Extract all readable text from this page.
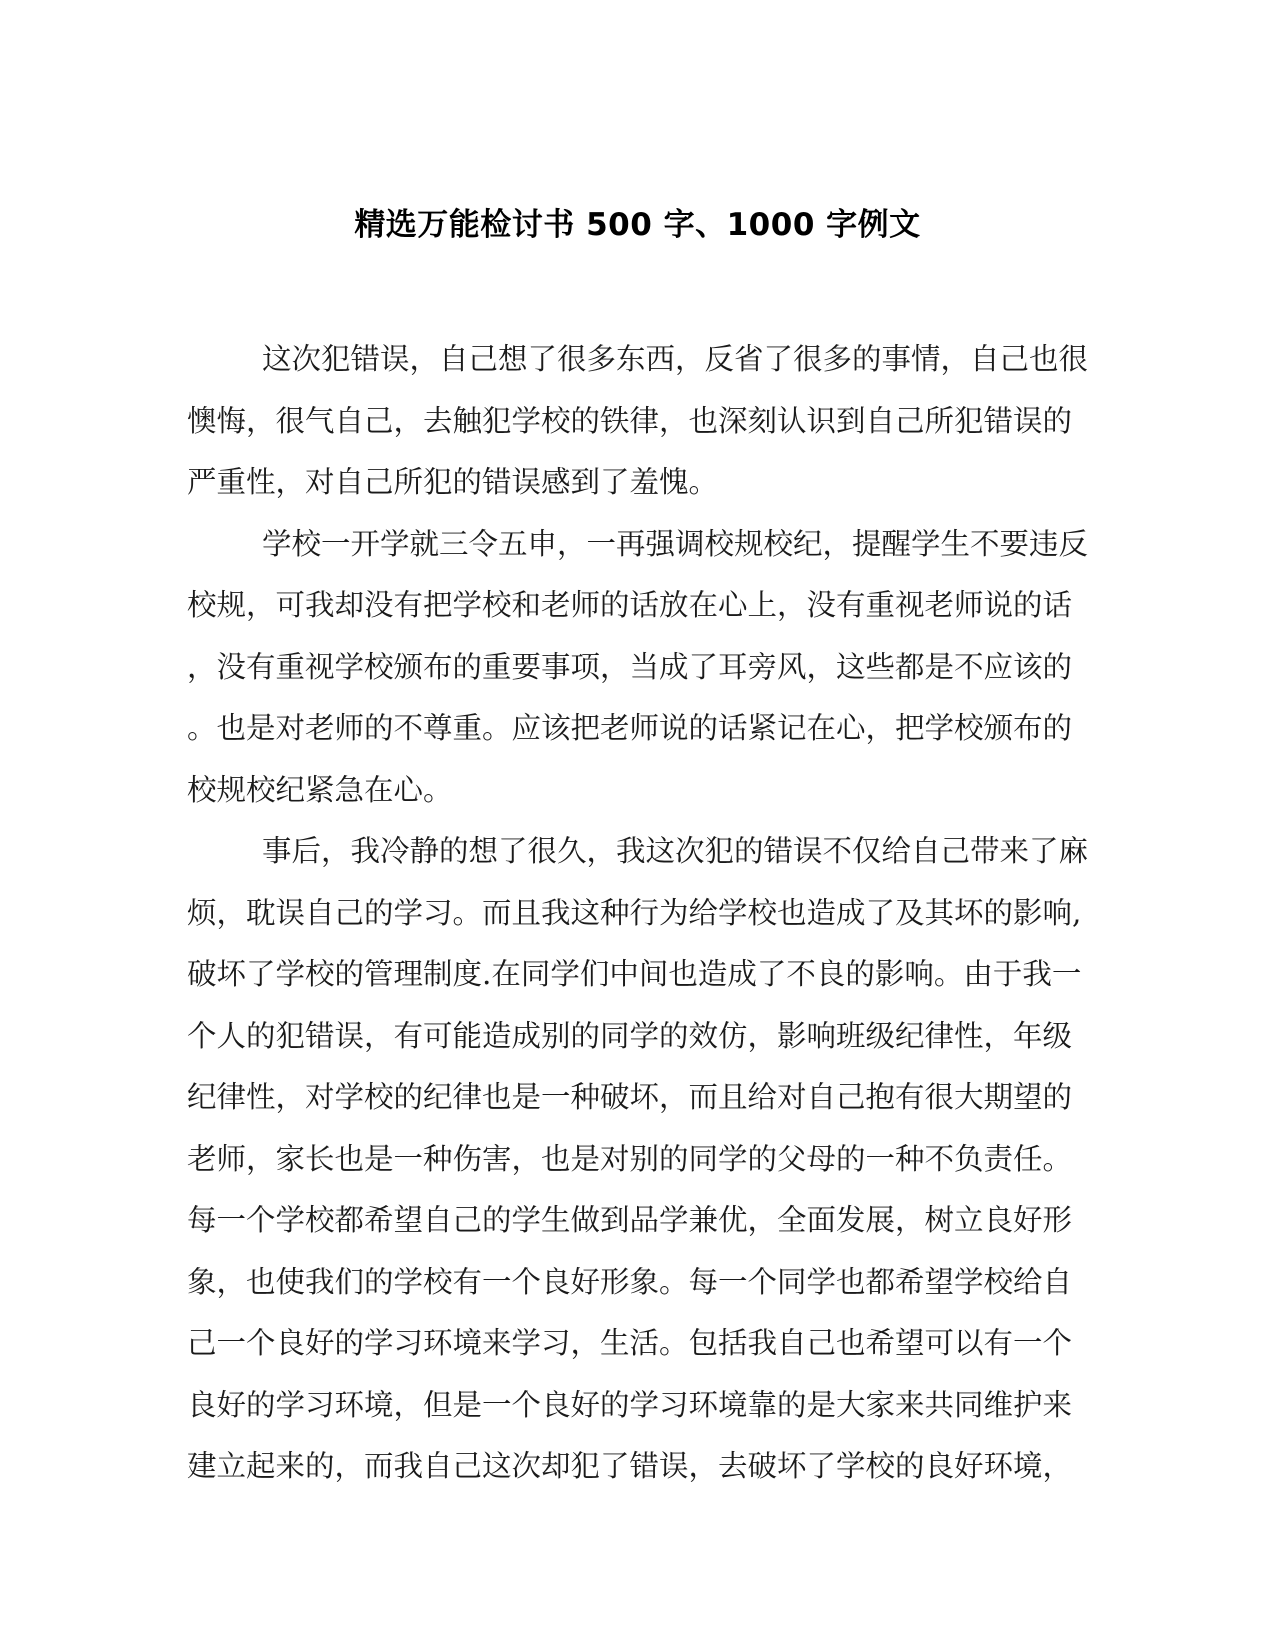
精选万能检讨书 500 字、1000 字例文
这次犯错误，自己想了很多东西，反省了很多的事情，自己也很
懊悔，很气自己，去触犯学校的铁律，也深刻认识到自己所犯错误的
严重性，对自己所犯的错误感到了羞愧。
学校一开学就三令五申，一再强调校规校纪，提醒学生不要违反
校规，可我却没有把学校和老师的话放在心上，没有重视老师说的话
，没有重视学校颁布的重要事项，当成了耳旁风，这些都是不应该的
。也是对老师的不尊重。应该把老师说的话紧记在心，把学校颁布的
校规校纪紧急在心。
事后，我冷静的想了很久，我这次犯的错误不仅给自己带来了麻
烦，耽误自己的学习。而且我这种行为给学校也造成了及其坏的影响,
破坏了学校的管理制度.在同学们中间也造成了不良的影响。由于我一
个人的犯错误，有可能造成别的同学的效仿，影响班级纪律性，年级
纪律性，对学校的纪律也是一种破坏，而且给对自己抱有很大期望的
老师，家长也是一种伤害，也是对别的同学的父母的一种不负责任。
每一个学校都希望自己的学生做到品学兼优，全面发展，树立良好形
象，也使我们的学校有一个良好形象。每一个同学也都希望学校给自
己一个良好的学习环境来学习，生活。包括我自己也希望可以有一个
良好的学习环境，但是一个良好的学习环境靠的是大家来共同维护来
建立起来的，而我自己这次却犯了错误，去破坏了学校的良好环境，
